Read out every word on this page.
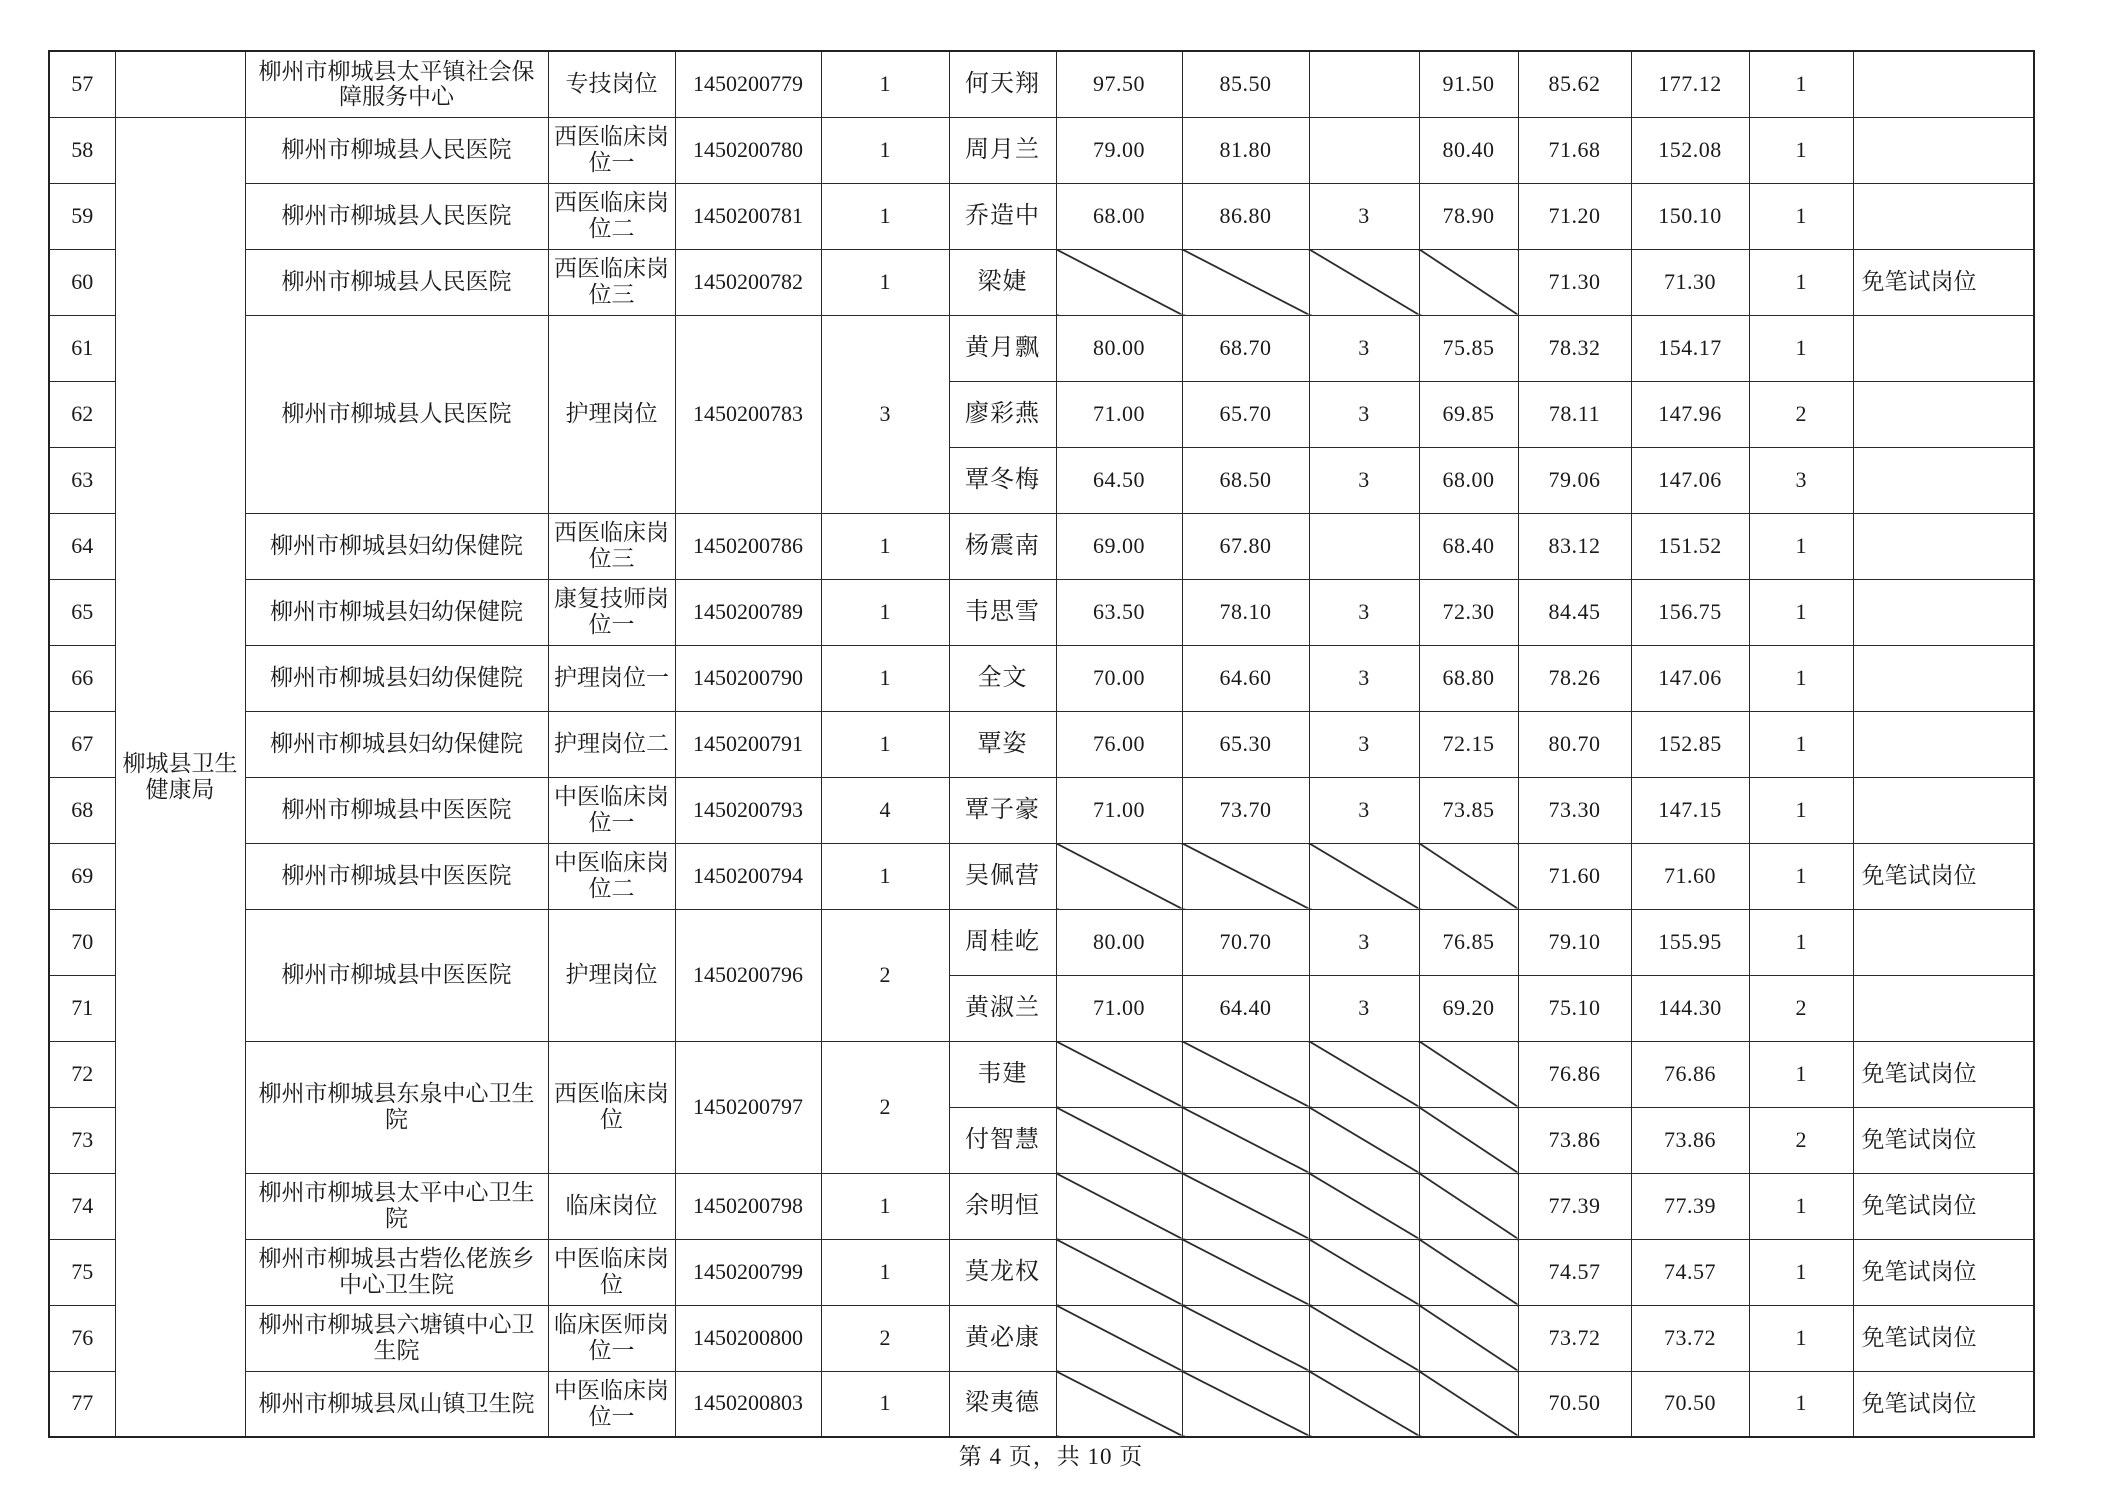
57		柳州市柳城县太平镇社会保障服务中心	专技岗位	1450200779	1	何天翔	97.50	85.50		91.50	85.62	177.12	1	
58	柳城县卫生健康局	柳州市柳城县人民医院	西医临床岗位一	1450200780	1	周月兰	79.00	81.80		80.40	71.68	152.08	1	
59		柳州市柳城县人民医院	西医临床岗位二	1450200781	1	乔造中	68.00	86.80	3	78.90	71.20	150.10	1	
60		柳州市柳城县人民医院	西医临床岗位三	1450200782	1	梁婕					71.30	71.30	1	免笔试岗位
61		柳州市柳城县人民医院	护理岗位	1450200783	3	黄月飘	80.00	68.70	3	75.85	78.32	154.17	1	
62						廖彩燕	71.00	65.70	3	69.85	78.11	147.96	2	
63						覃冬梅	64.50	68.50	3	68.00	79.06	147.06	3	
64		柳州市柳城县妇幼保健院	西医临床岗位三	1450200786	1	杨震南	69.00	67.80		68.40	83.12	151.52	1	
65		柳州市柳城县妇幼保健院	康复技师岗位一	1450200789	1	韦思雪	63.50	78.10	3	72.30	84.45	156.75	1	
66		柳州市柳城县妇幼保健院	护理岗位一	1450200790	1	全文	70.00	64.60	3	68.80	78.26	147.06	1	
67		柳州市柳城县妇幼保健院	护理岗位二	1450200791	1	覃姿	76.00	65.30	3	72.15	80.70	152.85	1	
68		柳州市柳城县中医医院	中医临床岗位一	1450200793	4	覃子豪	71.00	73.70	3	73.85	73.30	147.15	1	
69		柳州市柳城县中医医院	中医临床岗位二	1450200794	1	吴佩营					71.60	71.60	1	免笔试岗位
70		柳州市柳城县中医医院	护理岗位	1450200796	2	周桂屹	80.00	70.70	3	76.85	79.10	155.95	1	
71						黄淑兰	71.00	64.40	3	69.20	75.10	144.30	2	
72		柳州市柳城县东泉中心卫生院	西医临床岗位	1450200797	2	韦建					76.86	76.86	1	免笔试岗位
73						付智慧					73.86	73.86	2	免笔试岗位
74		柳州市柳城县太平中心卫生院	临床岗位	1450200798	1	余明恒					77.39	77.39	1	免笔试岗位
75		柳州市柳城县古砦仫佬族乡中心卫生院	中医临床岗位	1450200799	1	莫龙权					74.57	74.57	1	免笔试岗位
76		柳州市柳城县六塘镇中心卫生院	临床医师岗位一	1450200800	2	黄必康					73.72	73.72	1	免笔试岗位
77		柳州市柳城县凤山镇卫生院	中医临床岗位一	1450200803	1	梁夷德					70.50	70.50	1	免笔试岗位
第 4 页，共 10 页
